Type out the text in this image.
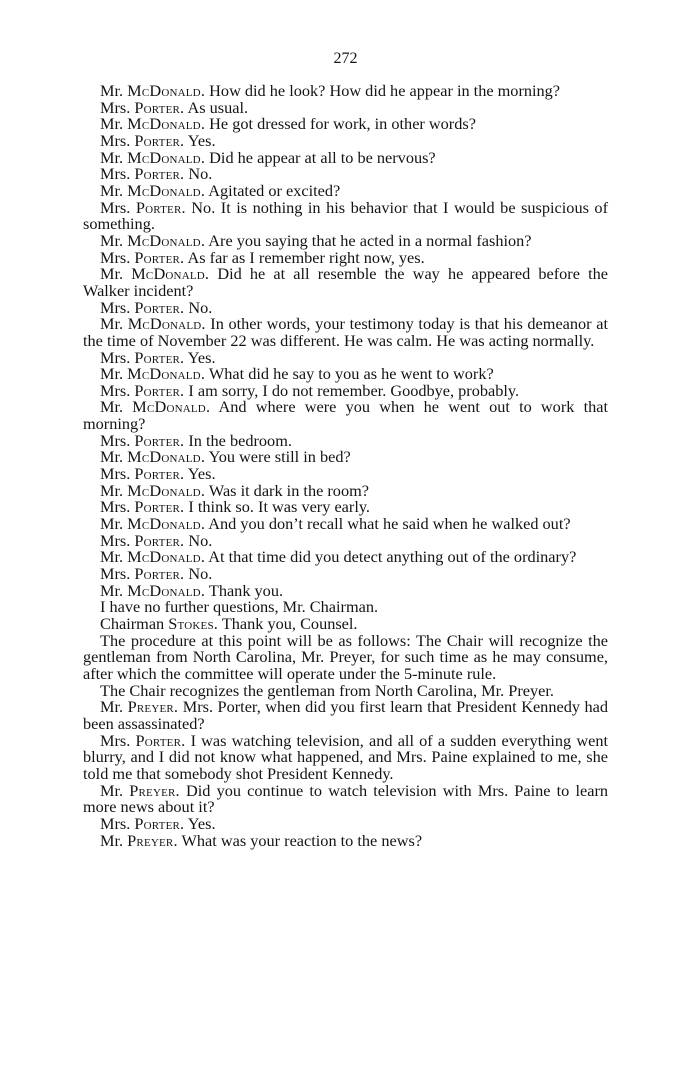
272

Mr. McDonald. How did he look? How did he appear in the morning?

Mrs. Porter. As usual.

Mr. McDonald. He got dressed for work, in other words?

Mrs. Porter. Yes.

Mr. McDonald. Did he appear at all to be nervous?

Mrs. Porter. No.

Mr. McDonald. Agitated or excited?

Mrs. Porter. No. It is nothing in his behavior that I would be suspicious of something.

Mr. McDonald. Are you saying that he acted in a normal fashion?

Mrs. Porter. As far as I remember right now, yes.

Mr. McDonald. Did he at all resemble the way he appeared before the Walker incident?

Mrs. Porter. No.

Mr. McDonald. In other words, your testimony today is that his demeanor at the time of November 22 was different. He was calm. He was acting normally.

Mrs. Porter. Yes.

Mr. McDonald. What did he say to you as he went to work?

Mrs. Porter. I am sorry, I do not remember. Goodbye, probably.

Mr. McDonald. And where were you when he went out to work that morning?

Mrs. Porter. In the bedroom.

Mr. McDonald. You were still in bed?

Mrs. Porter. Yes.

Mr. McDonald. Was it dark in the room?

Mrs. Porter. I think so. It was very early.

Mr. McDonald. And you don’t recall what he said when he walked out?

Mrs. Porter. No.

Mr. McDonald. At that time did you detect anything out of the ordinary?

Mrs. Porter. No.

Mr. McDonald. Thank you.

I have no further questions, Mr. Chairman.

Chairman Stokes. Thank you, Counsel.

The procedure at this point will be as follows: The Chair will recognize the gentleman from North Carolina, Mr. Preyer, for such time as he may consume, after which the committee will operate under the 5-minute rule.

The Chair recognizes the gentleman from North Carolina, Mr. Preyer.

Mr. Preyer. Mrs. Porter, when did you first learn that President Kennedy had been assassinated?

Mrs. Porter. I was watching television, and all of a sudden everything went blurry, and I did not know what happened, and Mrs. Paine explained to me, she told me that somebody shot President Kennedy.

Mr. Preyer. Did you continue to watch television with Mrs. Paine to learn more news about it?

Mrs. Porter. Yes.

Mr. Preyer. What was your reaction to the news?
